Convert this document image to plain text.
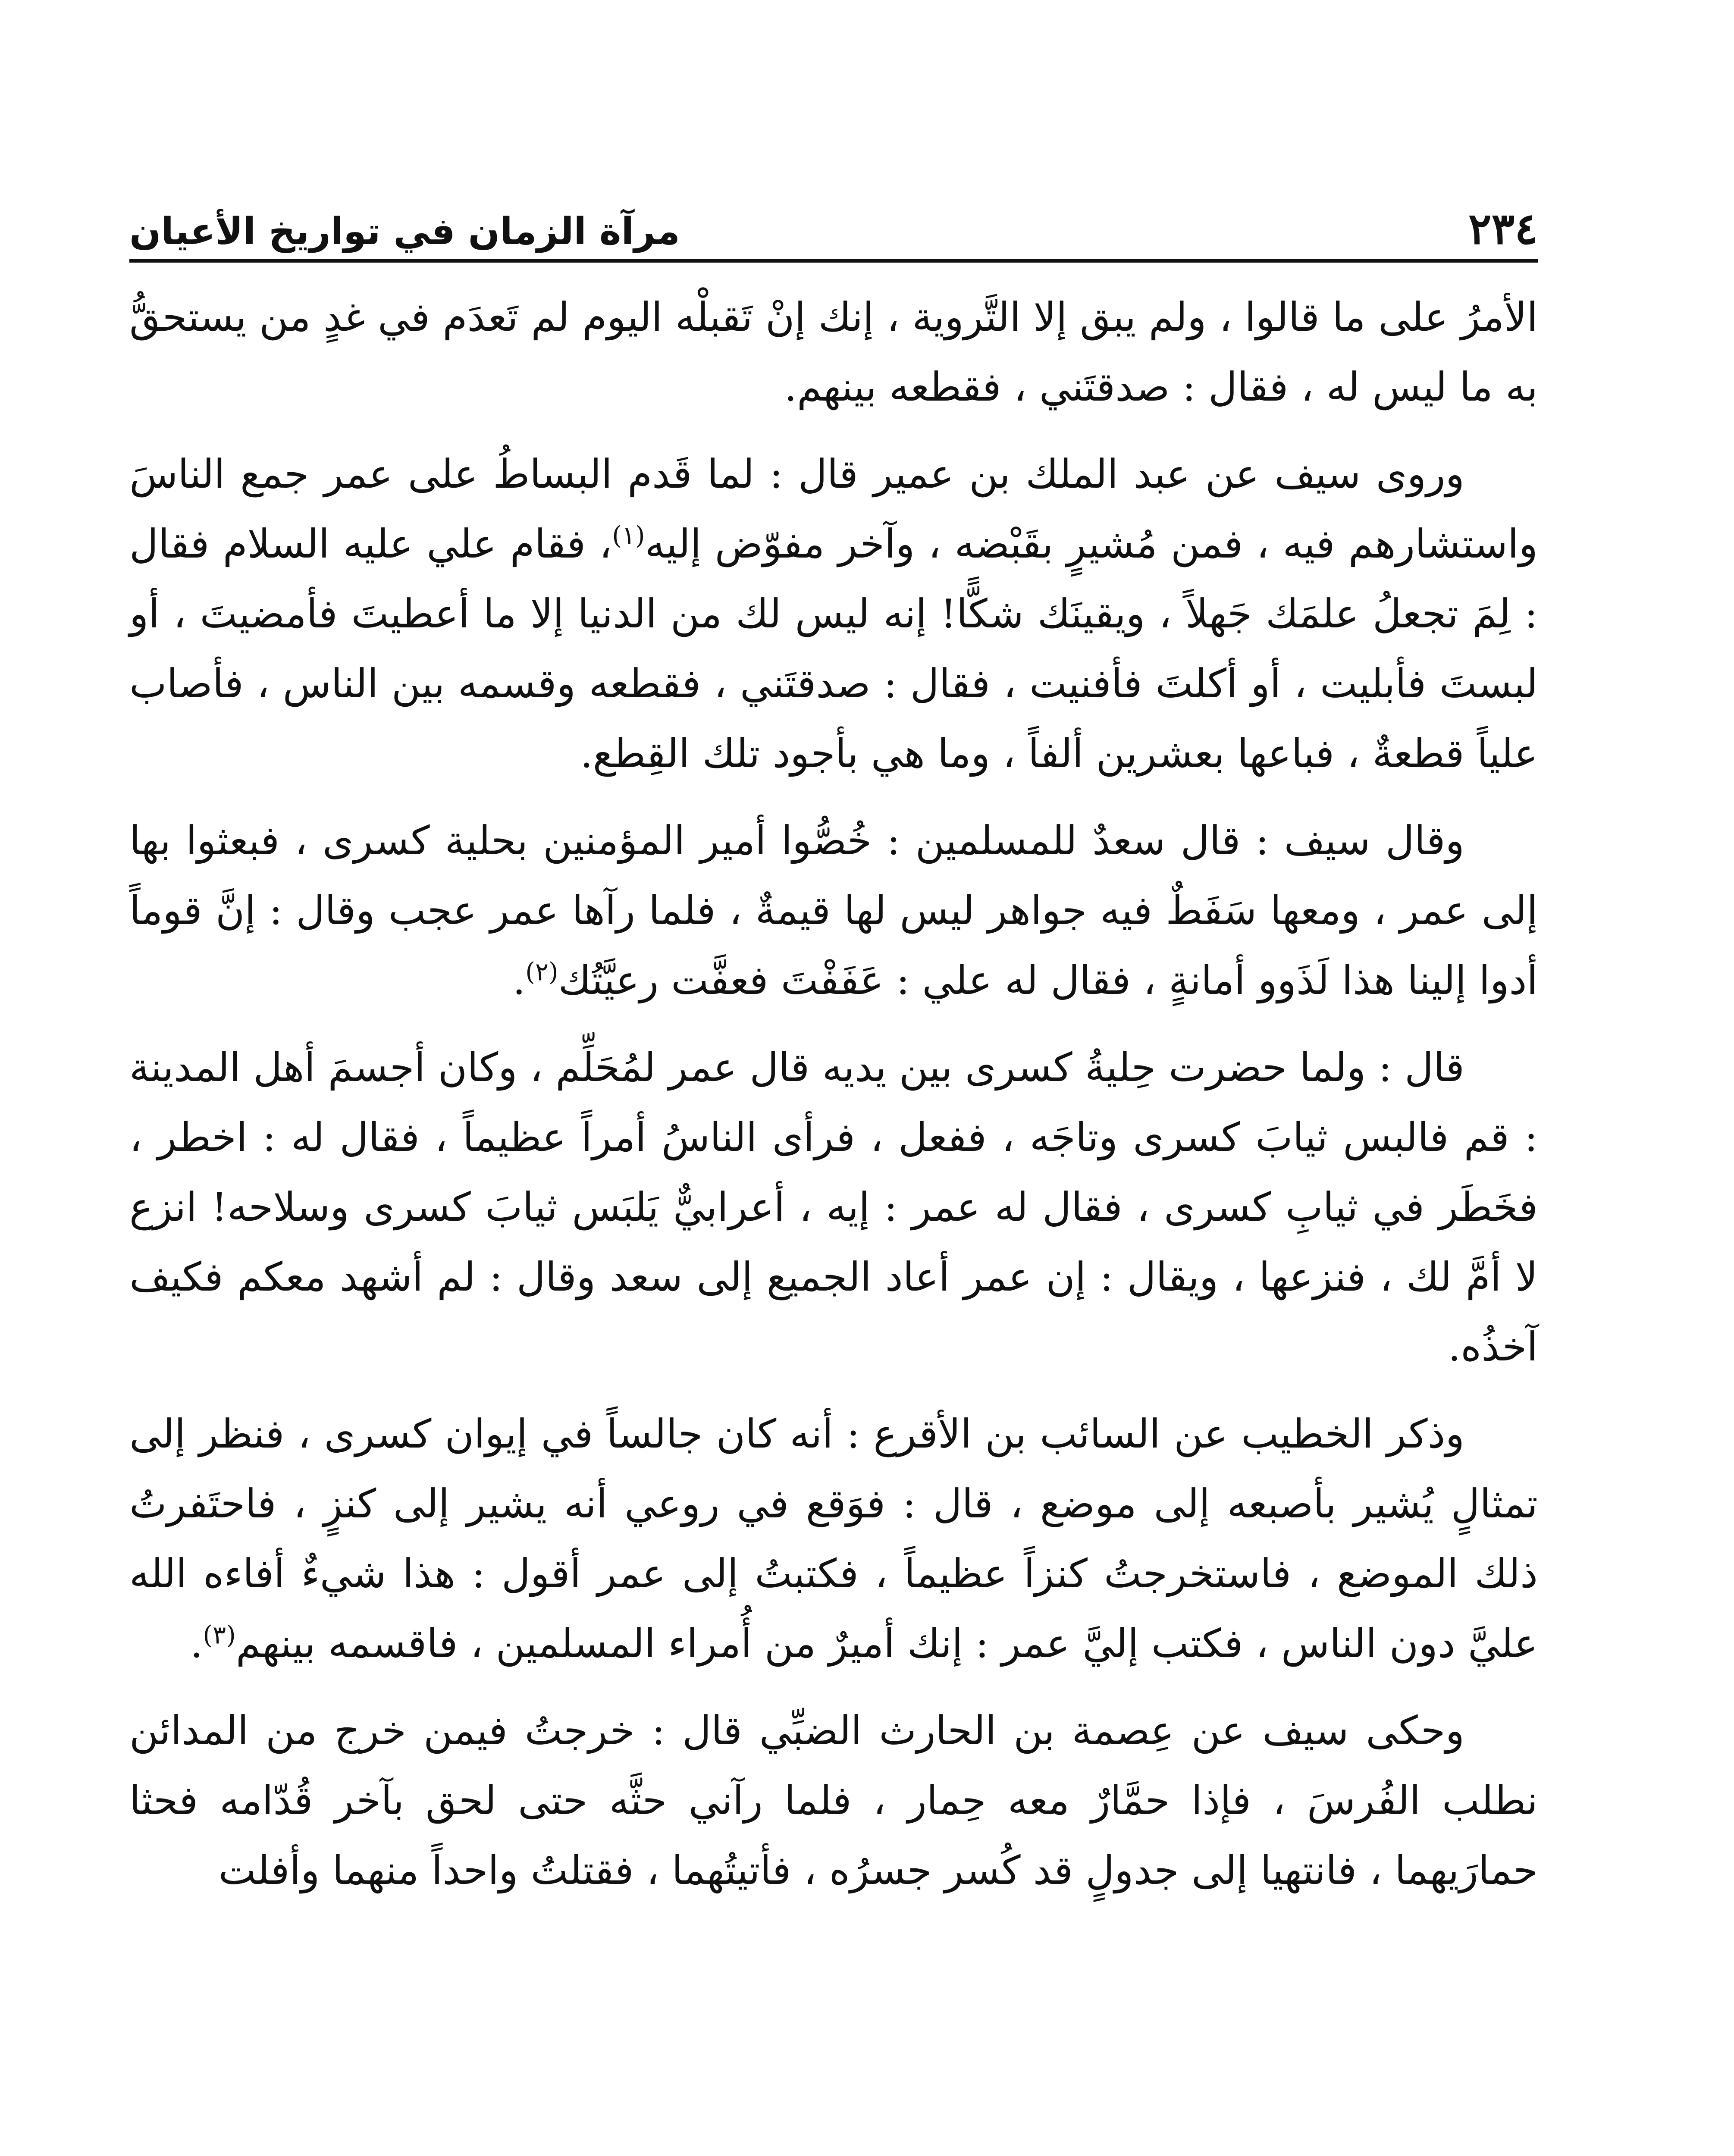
٢٣٤
مرآة الزمان في تواريخ الأعيان

الأمرُ على ما قالوا ، ولم يبق إلا التَّروية ، إنك إنْ تَقبلْه اليوم لم تَعدَم في غدٍ من يستحقُّ به ما ليس له ، فقال : صدقتَني ، فقطعه بينهم.

وروى سيف عن عبد الملك بن عمير قال : لما قَدم البساطُ على عمر جمع الناسَ واستشارهم فيه ، فمن مُشيرٍ بقَبْضه ، وآخر مفوّض إليه$^{(١)}$، فقام علي عليه السلام فقال : لِمَ تجعلُ علمَك جَهلاً ، ويقينَك شكًّا! إنه ليس لك من الدنيا إلا ما أعطيتَ فأمضيتَ ، أو لبستَ فأبليت ، أو أكلتَ فأفنيت ، فقال : صدقتَني ، فقطعه وقسمه بين الناس ، فأصاب علياً قطعةٌ ، فباعها بعشرين ألفاً ، وما هي بأجود تلك القِطع.

وقال سيف : قال سعدٌ للمسلمين : خُصُّوا أمير المؤمنين بحلية كسرى ، فبعثوا بها إلى عمر ، ومعها سَفَطٌ فيه جواهر ليس لها قيمةٌ ، فلما رآها عمر عجب وقال : إنَّ قوماً أدوا إلينا هذا لَذَوو أمانةٍ ، فقال له علي : عَفَفْتَ فعفَّت رعيَّتُك$^{(٢)}$.

قال : ولما حضرت حِليةُ كسرى بين يديه قال عمر لمُحَلِّم ، وكان أجسمَ أهل المدينة : قم فالبس ثيابَ كسرى وتاجَه ، ففعل ، فرأى الناسُ أمراً عظيماً ، فقال له : اخطر ، فخَطَر في ثيابِ كسرى ، فقال له عمر : إيه ، أعرابيٌّ يَلبَس ثيابَ كسرى وسلاحه! انزع لا أمَّ لك ، فنزعها ، ويقال : إن عمر أعاد الجميع إلى سعد وقال : لم أشهد معكم فكيف آخذُه.

وذكر الخطيب عن السائب بن الأقرع : أنه كان جالساً في إيوان كسرى ، فنظر إلى تمثالٍ يُشير بأصبعه إلى موضع ، قال : فوَقع في روعي أنه يشير إلى كنزٍ ، فاحتَفرتُ ذلك الموضع ، فاستخرجتُ كنزاً عظيماً ، فكتبتُ إلى عمر أقول : هذا شيءٌ أفاءه الله عليَّ دون الناس ، فكتب إليَّ عمر : إنك أميرٌ من أُمراء المسلمين ، فاقسمه بينهم$^{(٣)}$.

وحكى سيف عن عِصمة بن الحارث الضبِّي قال : خرجتُ فيمن خرج من المدائن نطلب الفُرسَ ، فإذا حمَّارٌ معه حِمار ، فلما رآني حثَّه حتى لحق بآخر قُدّامه فحثا حمارَيهما ، فانتهيا إلى جدولٍ قد كُسر جسرُه ، فأتيتُهما ، فقتلتُ واحداً منهما وأفلت
